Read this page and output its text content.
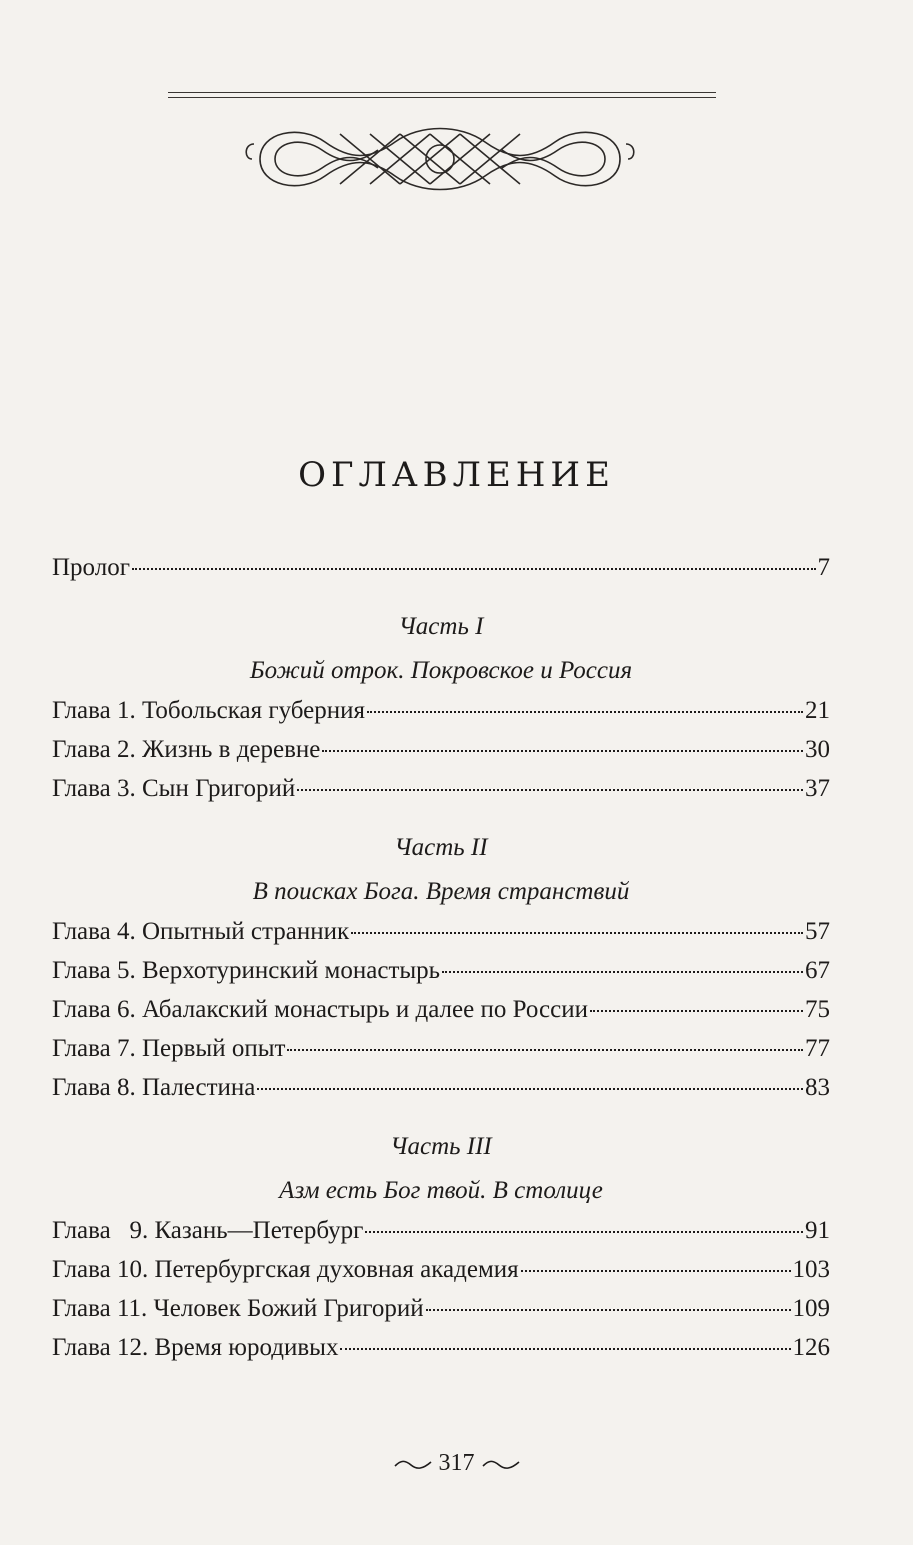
ОГЛАВЛЕНИЕ
Пролог	7
Часть I
Божий отрок. Покровское и Россия
Глава 1. Тобольская губерния	21
Глава 2. Жизнь в деревне	30
Глава 3. Сын Григорий	37
Часть II
В поисках Бога. Время странствий
Глава 4. Опытный странник	57
Глава 5. Верхотуринский монастырь	67
Глава 6. Абалакский монастырь и далее по России	75
Глава 7. Первый опыт	77
Глава 8. Палестина	83
Часть III
Азм есть Бог твой. В столице
Глава   9. Казань—Петербург	91
Глава 10. Петербургская духовная академия	103
Глава 11. Человек Божий Григорий	109
Глава 12. Время юродивых	126
317
